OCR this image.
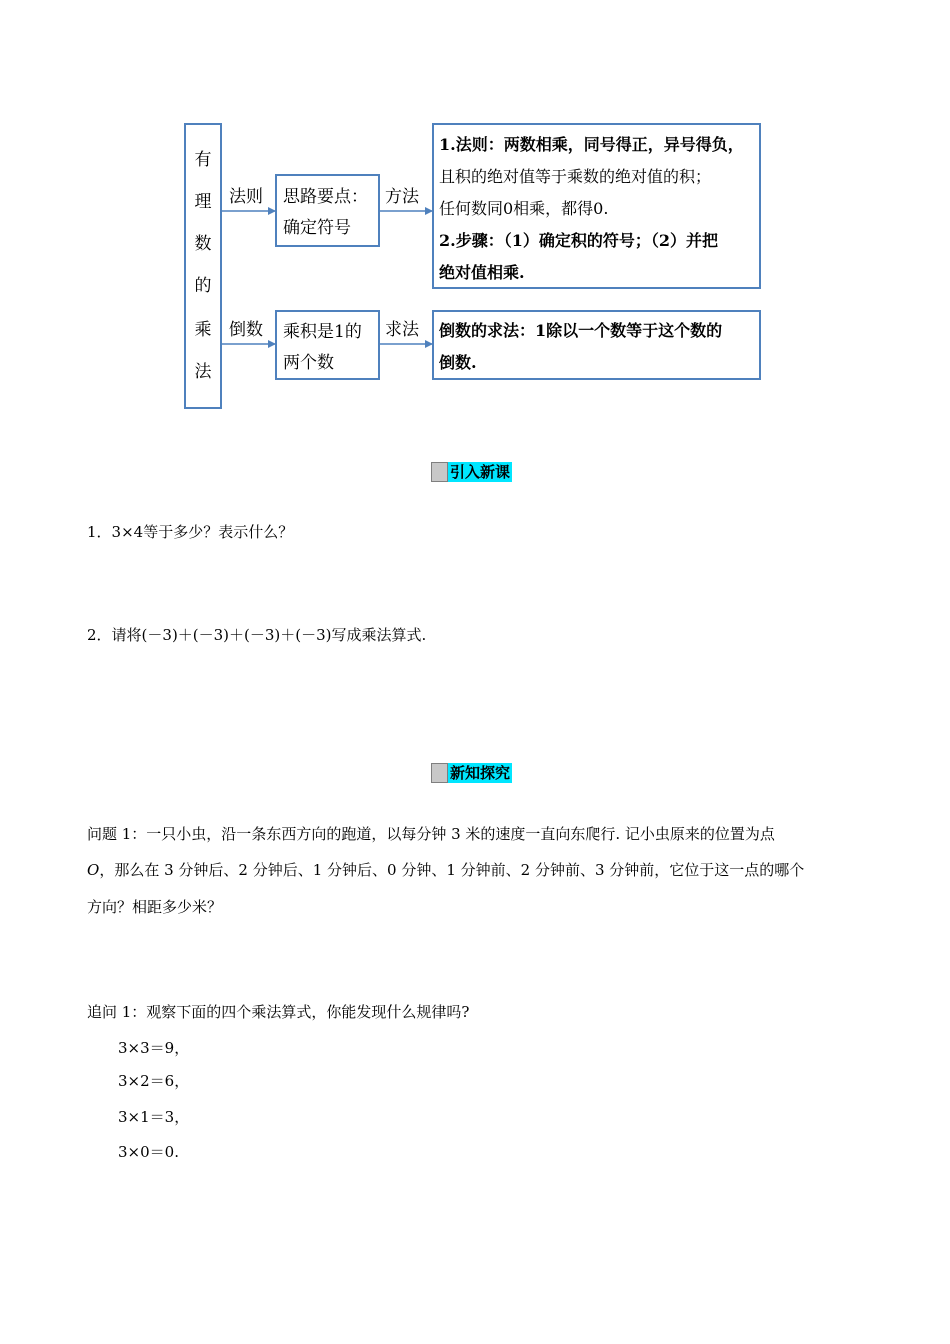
有
理
数
的
乘
法
法则	方法
倒数	求法
思路要点：
确定符号
乘积是1的
两个数
1.法则：两数相乘，同号得正，异号得负，
且积的绝对值等于乘数的绝对值的积；
任何数同0相乘，都得0.
2.步骤：（1）确定积的符号；（2）并把
绝对值相乘.
倒数的求法：1除以一个数等于这个数的
倒数.
引入新课
1．3×4等于多少？表示什么？
2．请将(－3)＋(－3)＋(－3)＋(－3)写成乘法算式.
新知探究
问题 1：一只小虫，沿一条东西方向的跑道，以每分钟 3 米的速度一直向东爬行. 记小虫原来的位置为点
O，那么在 3 分钟后、2 分钟后、1 分钟后、0 分钟、1 分钟前、2 分钟前、3 分钟前，它位于这一点的哪个
方向？相距多少米？
追问 1：观察下面的四个乘法算式，你能发现什么规律吗?
3×3＝9，
3×2＝6，
3×1＝3，
3×0＝0.
